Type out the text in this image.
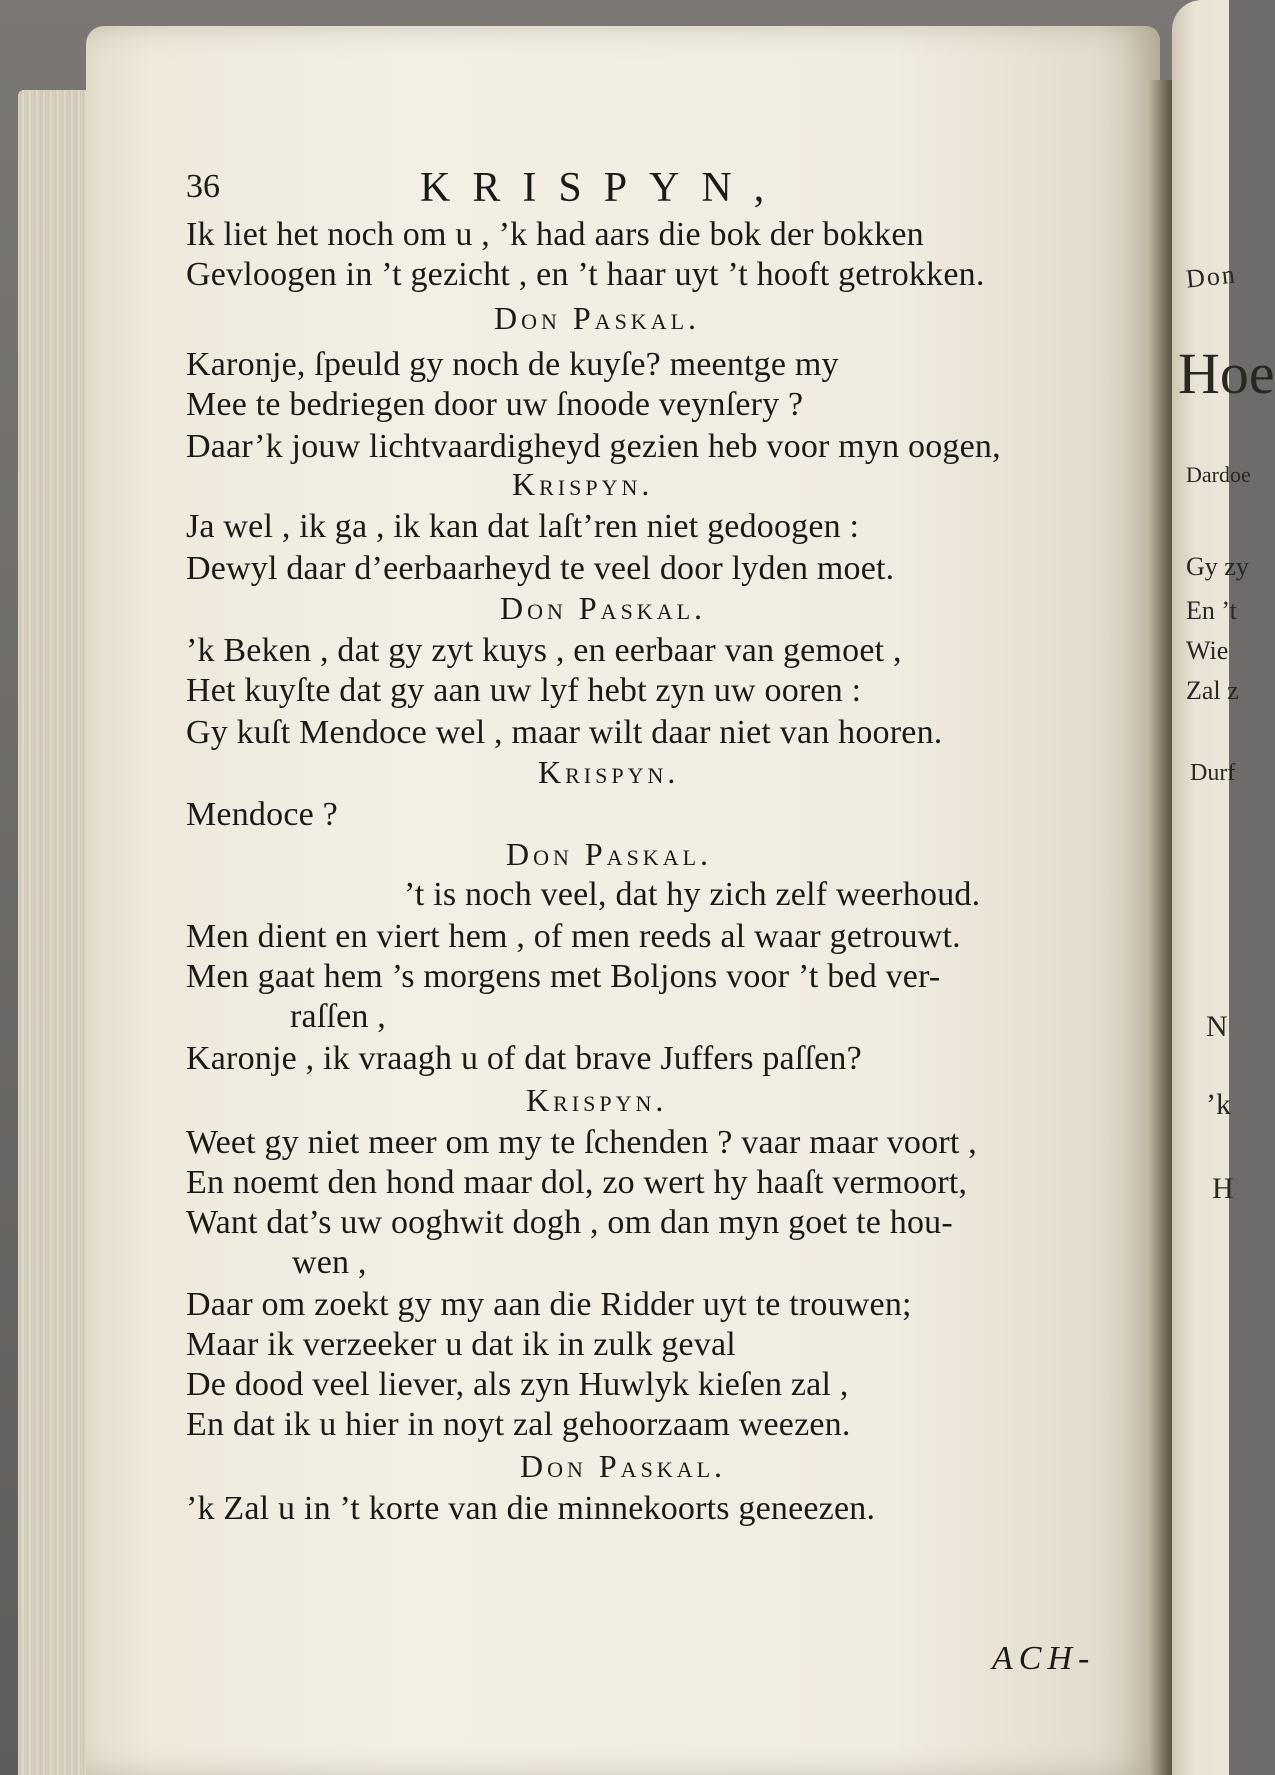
Don
Hoe
Dardoe
Gy zy
En ’t
Wie
Zal z
Durf
N
’k
H
36	KRISPYN,
Ik liet het noch om u , ’k had aars die bok der bokken
Gevloogen in ’t gezicht , en ’t haar uyt ’t hooft getrokken.
Don Paskal.
Karonje, ſpeuld gy noch de kuyſe? meentge my
Mee te bedriegen door uw ſnoode veynſery ?
Daar’k jouw lichtvaardigheyd gezien heb voor myn oogen,
Krispyn.
Ja wel , ik ga , ik kan dat laſt’ren niet gedoogen :
Dewyl daar d’eerbaarheyd te veel door lyden moet.
Don Paskal.
’k Beken , dat gy zyt kuys , en eerbaar van gemoet ,
Het kuyſte dat gy aan uw lyf hebt zyn uw ooren :
Gy kuſt Mendoce wel , maar wilt daar niet van hooren.
Krispyn.
Mendoce ?
Don Paskal.
’t is noch veel, dat hy zich zelf weerhoud.
Men dient en viert hem , of men reeds al waar getrouwt.
Men gaat hem ’s morgens met Boljons voor ’t bed ver-
raſſen ,
Karonje , ik vraagh u of dat brave Juffers paſſen?
Krispyn.
Weet gy niet meer om my te ſchenden ? vaar maar voort ,
En noemt den hond maar dol, zo wert hy haaſt vermoort,
Want dat’s uw ooghwit dogh , om dan myn goet te hou-
wen ,
Daar om zoekt gy my aan die Ridder uyt te trouwen;
Maar ik verzeeker u dat ik in zulk geval
De dood veel liever, als zyn Huwlyk kieſen zal ,
En dat ik u hier in noyt zal gehoorzaam weezen.
Don Paskal.
’k Zal u in ’t korte van die minnekoorts geneezen.
ACH-
